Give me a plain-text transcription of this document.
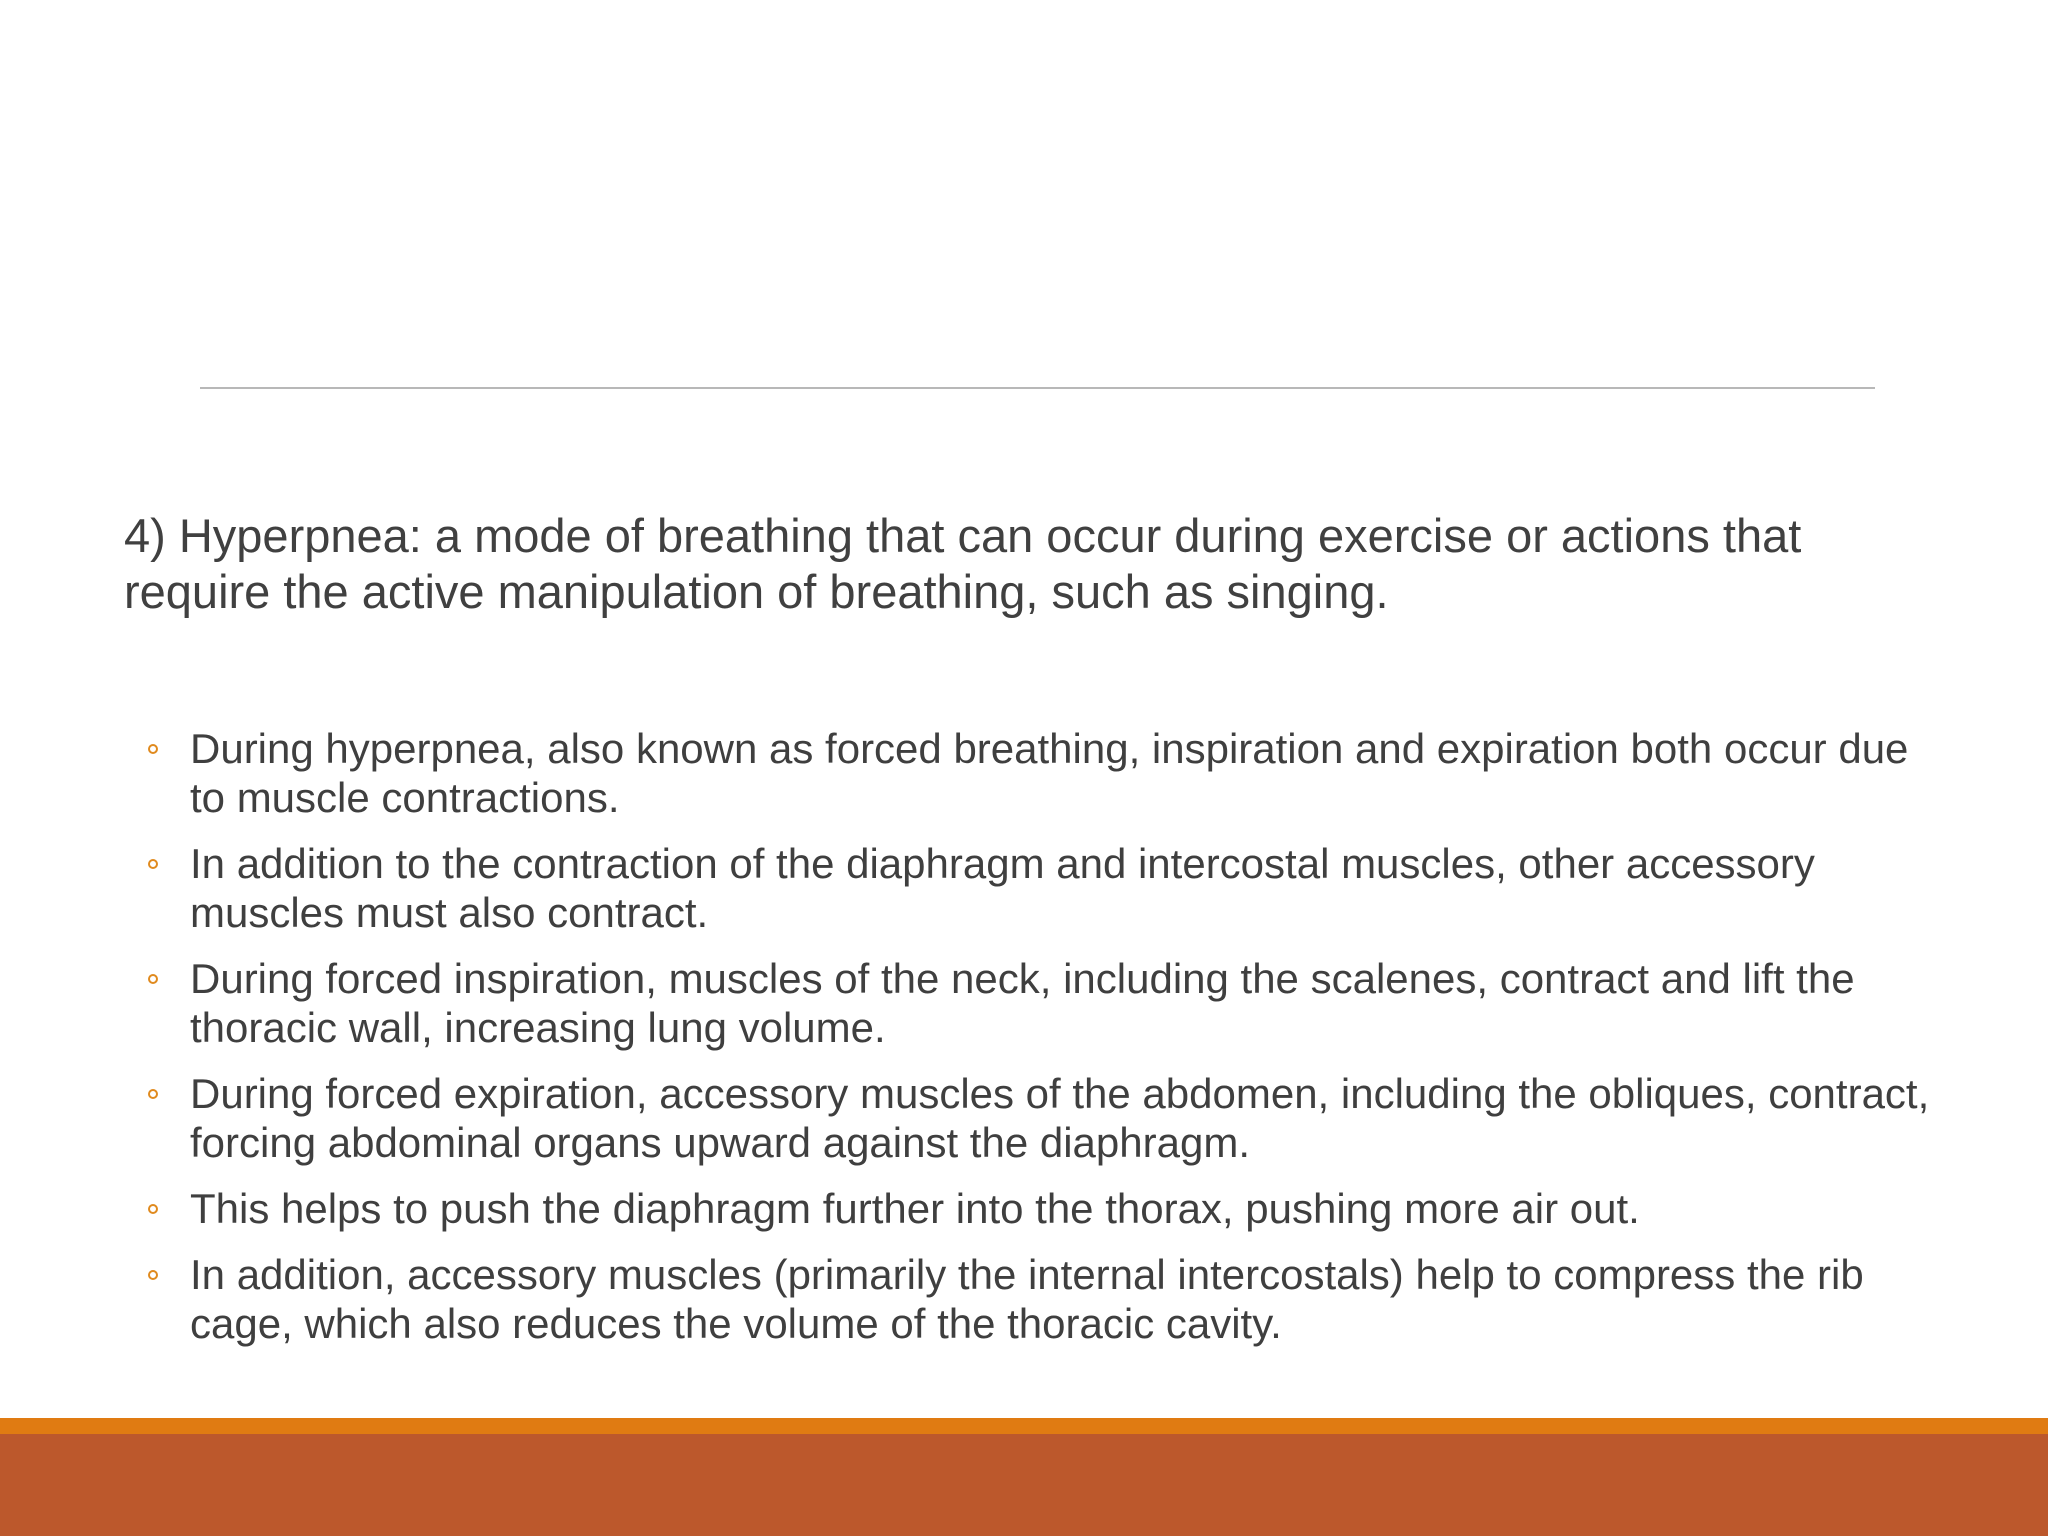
4) Hyperpnea: a mode of breathing that can occur during exercise or actions that require the active manipulation of breathing, such as singing.

During hyperpnea, also known as forced breathing, inspiration and expiration both occur due to muscle contractions.
In addition to the contraction of the diaphragm and intercostal muscles, other accessory muscles must also contract.
During forced inspiration, muscles of the neck, including the scalenes, contract and lift the thoracic wall, increasing lung volume.
During forced expiration, accessory muscles of the abdomen, including the obliques, contract, forcing abdominal organs upward against the diaphragm.
This helps to push the diaphragm further into the thorax, pushing more air out.
In addition, accessory muscles (primarily the internal intercostals) help to compress the rib cage, which also reduces the volume of the thoracic cavity.
